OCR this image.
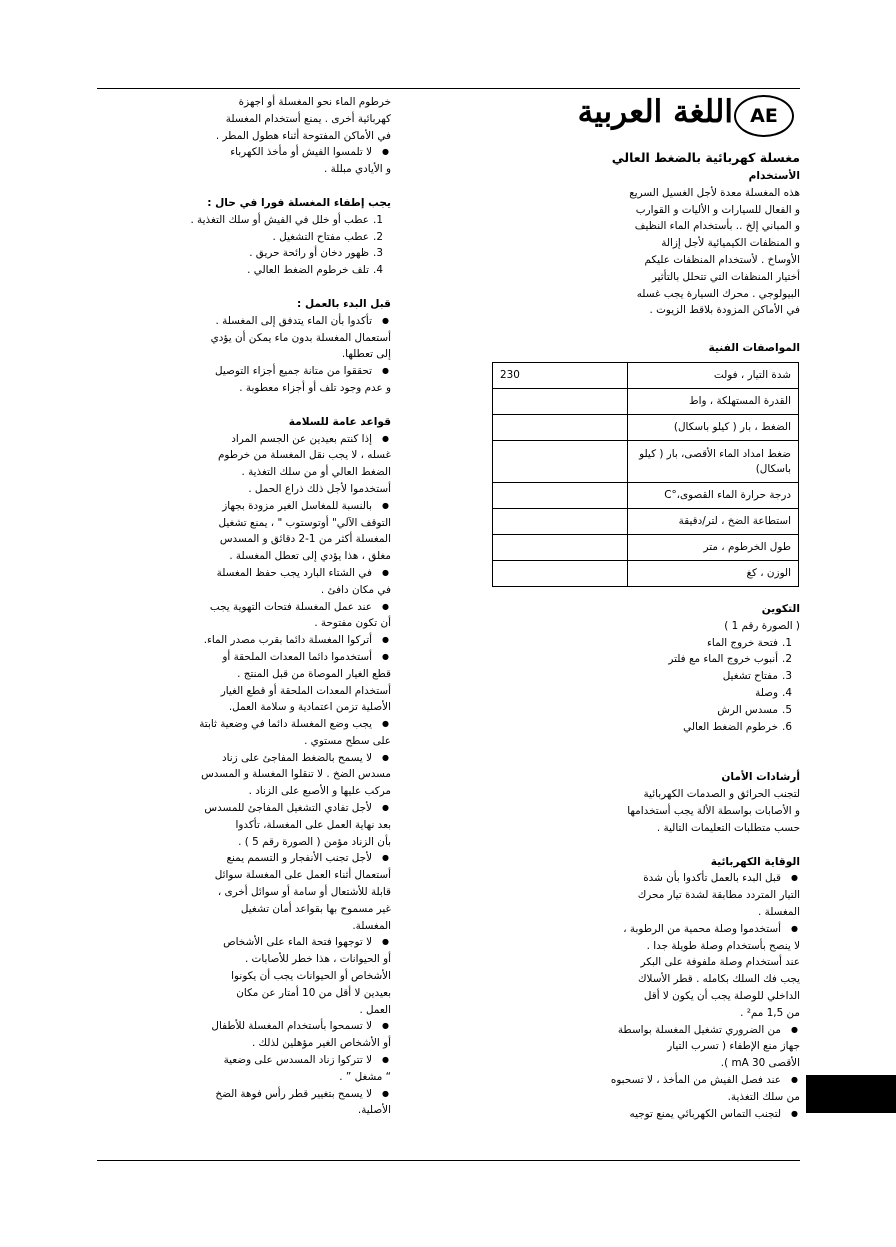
AE
اللغة العربية

مغسلة كهربائية بالضغط العالي

الأستخدام

هذه المغسلة معدة لأجل الغسيل السريع

و الفعال للسيارات و الأليات و القوارب

و المباني إلخ .. بأستخدام الماء النظيف

و المنظفات الكيميائية لأجل إزالة

الأوساخ . لأستخدام المنظفات عليكم

أختيار المنظفات التي تتحلل بالتأثير

البيولوجي . محرك السيارة يجب غسله

في الأماكن المزودة بلاقط الزيوت .

المواصفات الفنية

شدة التيار ، فولت	230
القدرة المستهلكة ، واط	
الضغط ، بار ( كيلو باسكال)	
ضغط امداد الماء الأقصى، بار ( كيلو باسكال)	
درجة حرارة الماء القصوى،°C	
استطاعة الضخ ، لتر/دقيقة	
طول الخرطوم ، متر	
الوزن ، كغ	

التكوين

( الصورة رقم 1 )

1.
فتحة خروج الماء

2.
أنبوب خروج الماء مع فلتر

3.
مفتاح تشغيل

4.
وصلة

5.
مسدس الرش

6.
خرطوم الضغط العالي

أرشادات الأمان

لتجنب الحرائق و الصدمات الكهربائية

و الأصابات بواسطة الألة يجب أستخدامها

حسب متطلبات التعليمات التالية .

الوقاية الكهربائية

● قبل البدء بالعمل تأكدوا بأن شدة

التيار المتردد مطابقة لشدة تيار محرك

المغسلة .

● أستخدموا وصلة محمية من الرطوبة ،

لا ينصح بأستخدام وصلة طويلة جدا .

عند أستخدام وصلة ملفوفة على البكر

يجب فك السلك بكامله . قطر الأسلاك

الداخلي للوصلة يجب أن يكون لا أقل

من 1,5 مم² .

● من الضروري تشغيل المغسلة بواسطة

جهاز منع الإطفاء ( تسرب التيار

الأقصى 30 mA ).

● عند فصل الفيش من المأخذ ، لا تسحبوه

من سلك التغذية.

● لتجنب التماس الكهربائي يمنع توجيه

خرطوم الماء نحو المغسلة أو اجهزة

كهربائية أخرى . يمنع أستخدام المغسلة

في الأماكن المفتوحة أثناء هطول المطر .

● لا تلمسوا الفيش أو مأخذ الكهرباء

و الأيادي مبللة .

يجب إطفاء المغسلة فورا في حال :

1.
عطب أو خلل في الفيش أو سلك التغذية .

2.
عطب مفتاح التشغيل .

3.
ظهور دخان أو رائحة حريق .

4.
تلف خرطوم الضغط العالي .

قبل البدء بالعمل :

● تأكدوا بأن الماء يتدفق إلى المغسلة .

أستعمال المغسلة بدون ماء يمكن أن يؤدي

إلى تعطلها.

● تحققوا من متانة جميع أجزاء التوصيل

و عدم وجود تلف أو أجزاء معطوبة .

قواعد عامة للسلامة

● إذا كنتم بعيدين عن الجسم المراد

غسله ، لا يجب نقل المغسلة من خرطوم

الضغط العالي أو من سلك التغذية .

أستخدموا لأجل ذلك ذراع الحمل .

● بالنسبة للمغاسل الغير مزودة بجهاز

التوقف الآلي" أوتوستوب " ، يمنع تشغيل

المغسلة أكثر من 1-2 دقائق و المسدس

مغلق ، هذا يؤدي إلى تعطل المغسلة .

● في الشتاء البارد يجب حفظ المغسلة

في مكان دافئ .

● عند عمل المغسلة فتحات التهوية يجب

أن تكون مفتوحة .

● أتركوا المغسلة دائما بقرب مصدر الماء.

● أستخدموا دائما المعدات الملحقة أو

قطع الغيار الموصاة من قبل المنتج .

أستخدام المعدات الملحقة أو قطع الغيار

الأصلية تزمن اعتمادية و سلامة العمل.

● يجب وضع المغسلة دائما في وضعية ثابتة

على سطح مستوي .

● لا يسمح بالضغط المفاجئ على زناد

مسدس الضخ . لا تنقلوا المغسلة و المسدس

مركب عليها و الأصبع على الزناد .

● لأجل تفادي التشغيل المفاجئ للمسدس

بعد نهاية العمل على المغسلة، تأكدوا

بأن الزناد مؤمن ( الصورة رقم 5 ) .

● لأجل تجنب الأنفجار و التسمم يمنع

أستعمال أثناء العمل على المغسلة سوائل

قابلة للأشتعال أو سامة أو سوائل أخرى ،

غير مسموح بها بقواعد أمان تشغيل

المغسلة.

● لا توجهوا فتحة الماء على الأشخاص

أو الحيوانات ، هذا خطر للأصابات .

الأشخاص أو الحيوانات يجب أن يكونوا

بعيدين لا أقل من 10 أمتار عن مكان

العمل .

● لا تسمحوا بأستخدام المغسلة للأطفال

أو الأشخاص الغير مؤهلين لذلك .

● لا تتركوا زناد المسدس على وضعية

“ مشغل ” .

● لا يسمح بتغيير قطر رأس فوهة الضخ

الأصلية.
